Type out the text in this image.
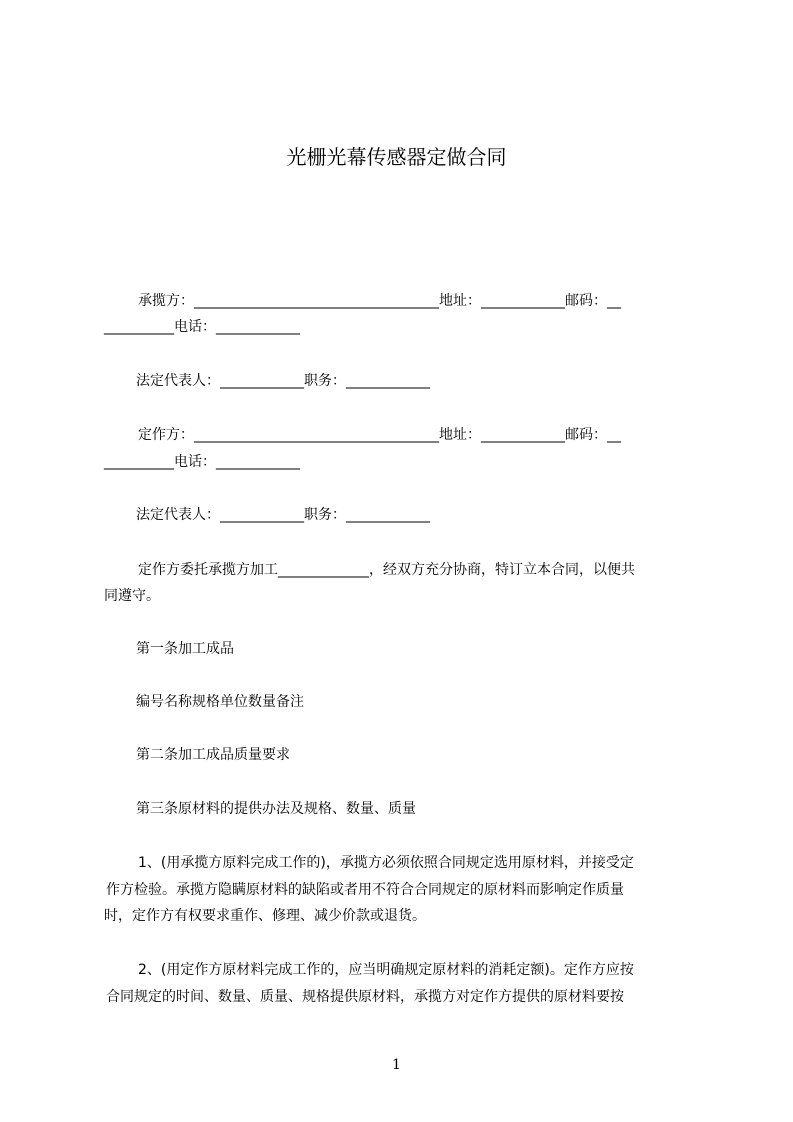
光栅光幕传感器定做合同

承揽方：___________________________________地址：____________邮码：__

__________电话：____________

法定代表人：____________职务：____________

定作方：___________________________________地址：____________邮码：__

__________电话：____________

法定代表人：____________职务：____________

定作方委托承揽方加工_____________，经双方充分协商，特订立本合同，以便共

同遵守。

第一条加工成品

编号名称规格单位数量备注

第二条加工成品质量要求

第三条原材料的提供办法及规格、数量、质量

1、(用承揽方原料完成工作的)，承揽方必须依照合同规定选用原材料，并接受定

作方检验。承揽方隐瞒原材料的缺陷或者用不符合合同规定的原材料而影响定作质量

时，定作方有权要求重作、修理、减少价款或退货。

2、(用定作方原材料完成工作的，应当明确规定原材料的消耗定额)。定作方应按

合同规定的时间、数量、质量、规格提供原材料，承揽方对定作方提供的原材料要按

1
